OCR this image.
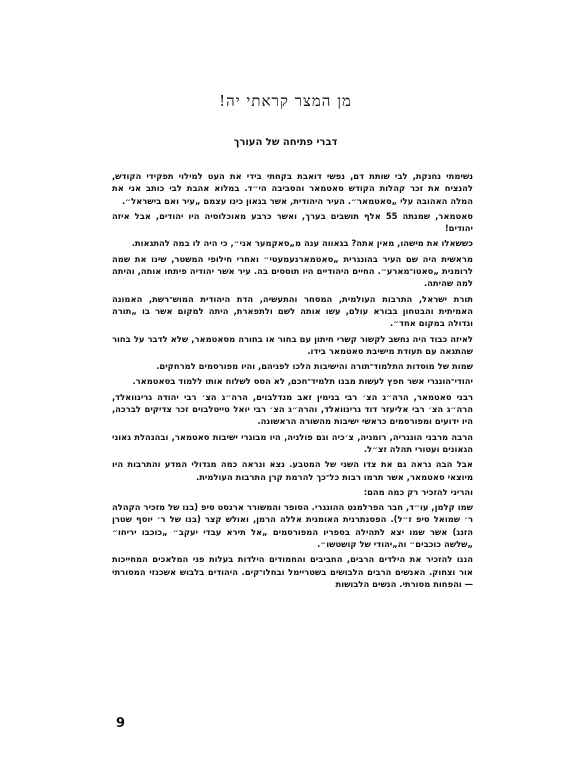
מן המצר קראתי יה!
דברי פתיחה של העורך

נשימתי נחנקת, לבי שותת דם, נפשי דואבת בקחתי בידי את העט למילוי תפקידי הקודש, להנציח את זכר קהלות הקודש סאטמאר והסביבה הי״ד. במלוא אהבת לבי כותב אני את המלה האהובה עלי „סאטמאר״. העיר היהודית, אשר בגאון כינו עצמם „עיר ואם בישראל״.

סאטמאר, שמנתה 55 אלף תושבים בערך, ואשר כרבע מאוכלוסיה היו יהודים, אבל איזה יהודים!

כששאלו את מישהו, מאין אתה? בגאווה ענה מ„סאקמער אני״, כי היה לו במה להתגאות.

מראשית היה שם העיר בהונגרית „סאטמארנעמעטי״ ואחרי חילופי המשטר, שינו את שמה לרומנית „סאטו־מארע״. החיים היהודיים היו תוססים בה. עיר אשר יהודיה פיתחו אותה, והיתה למה שהיתה.

תורת ישראל, התרבות העולמית, המסחר והתעשיה, הדת היהודית המוש־רשת, האמונה האמיתית והבטחון בבורא עולם, עשו אותה לשם ולתפארת, היתה למקום אשר בו „תורה וגדולה במקום אחד״.

לאיזה כבוד היה נחשב לקשור קשרי חיתון עם בחור או בחורה מסאטמאר, שלא לדבר על בחור שהתגאה עם תעודת מישיבת סאטמאר בידו.

שמות של מוסדות התלמוד־תורה והישיבות הלכו לפניהם, והיו מפורסמים למרחקים.

יהודי־הונגרי אשר חפץ לעשות מבנו תלמיד־חכם, לא הסס לשלוח אותו ללמוד בסאטמאר.

רבני סאטמאר, הרה״ג הצ׳ רבי בנימין זאב מנדלבוים, הרה״ג הצ׳ רבי יהודה גרינוואלד, הרה״ג הצ׳ רבי אליעזר דוד גרינוואלד, והרה״ג הצ׳ רבי יואל טייטלבוים זכר צדיקים לברכה, היו ידועים ומפורסמים כראשי ישיבות מהשורה הראשונה.

הרבה מרבני הונגריה, רומניה, צ׳כיה וגם פולניה, היו מבוגרי ישיבות סאטמאר, ובהנהלת גאוני הגאונים ועטורי תהלה זצ״ל.

אבל הבה נראה גם את צדו השני של המטבע. נצא ונראה כמה מגדולי המדע והתרבות היו מיוצאי סאטמאר, אשר תרמו רבות כל־כך להרמת קרן התרבות העולמית.

והריני להזכיר רק כמה מהם:

שמו קלמן, עו״ד, חבר הפרלמנט ההונגרי. הסופר והמשורר ארנסט סיפ (בנו של מזכיר הקהלה ר׳ שמואל סיפ ז״ל). הפסנתרנית האומנית אללה הרמן, ואולש קצר (בנו של ר׳ יוסף שטרן הזנג) אשר שמו יצא לתהילה בספריו המפורסמים „אל תירא עבדי יעקב״ „כוכבו יריחו״ „שלשה כוכבים״ וה„יהודי של קושטשו״.

הננו להזכיר את הילדים הרבים, החביבים והחמודים הילדות בעלות פני המלאכים המחייכות אור וצחוק. האנשים הרבים הלבושים בשטריימל ובחלו־קים. היהודים בלבוש אשכנזי המסורתי — והפחות מסורתי. הנשים הלבושות

9
